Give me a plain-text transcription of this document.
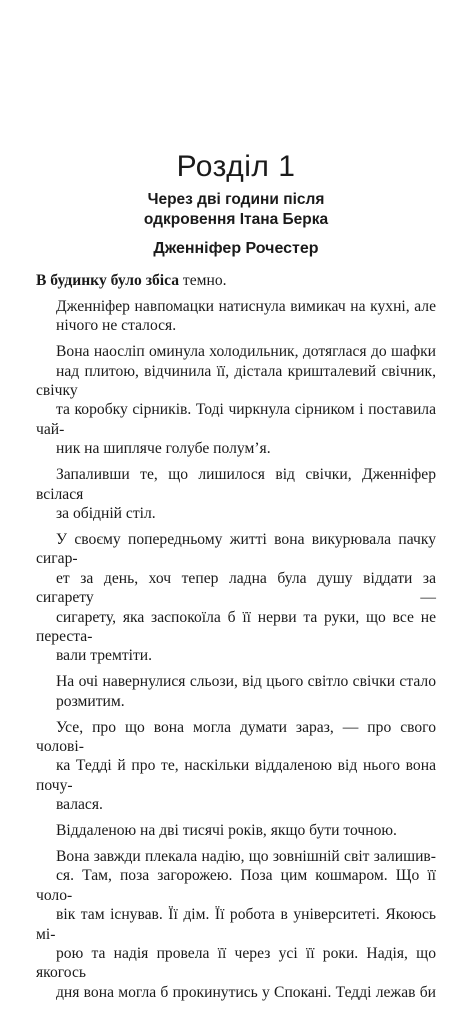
Розділ 1
Через дві години після
одкровення Ітана Берка
Дженніфер Рочестер

В будинку було збіса темно.

Дженніфер навпомацки натиснула вимикач на кухні, але
нічого не сталося.

Вона наосліп оминула холодильник, дотяглася до шафки
над плитою, відчинила її, дістала кришталевий свічник, свічку
та коробку сірників. Тоді чиркнула сірником і поставила чай-
ник на шипляче голубе полум’я.

Запаливши те, що лишилося від свічки, Дженніфер всілася
за обідній стіл.

У своєму попередньому житті вона викурювала пачку сигар-
ет за день, хоч тепер ладна була душу віддати за сигарету —
сигарету, яка заспокоїла б її нерви та руки, що все не переста-
вали тремтіти.

На очі навернулися сльози, від цього світло свічки стало
розмитим.

Усе, про що вона могла думати зараз, — про свого чолові-
ка Тедді й про те, наскільки віддаленою від нього вона почу-
валася.

Віддаленою на дві тисячі років, якщо бути точною.

Вона завжди плекала надію, що зовнішній світ залишив-
ся. Там, поза загорожею. Поза цим кошмаром. Що її чоло-
вік там існував. Її дім. Її робота в університеті. Якоюсь мі-
рою та надія провела її через усі її роки. Надія, що якогось
дня вона могла б прокинутись у Спокані. Тедді лежав би
